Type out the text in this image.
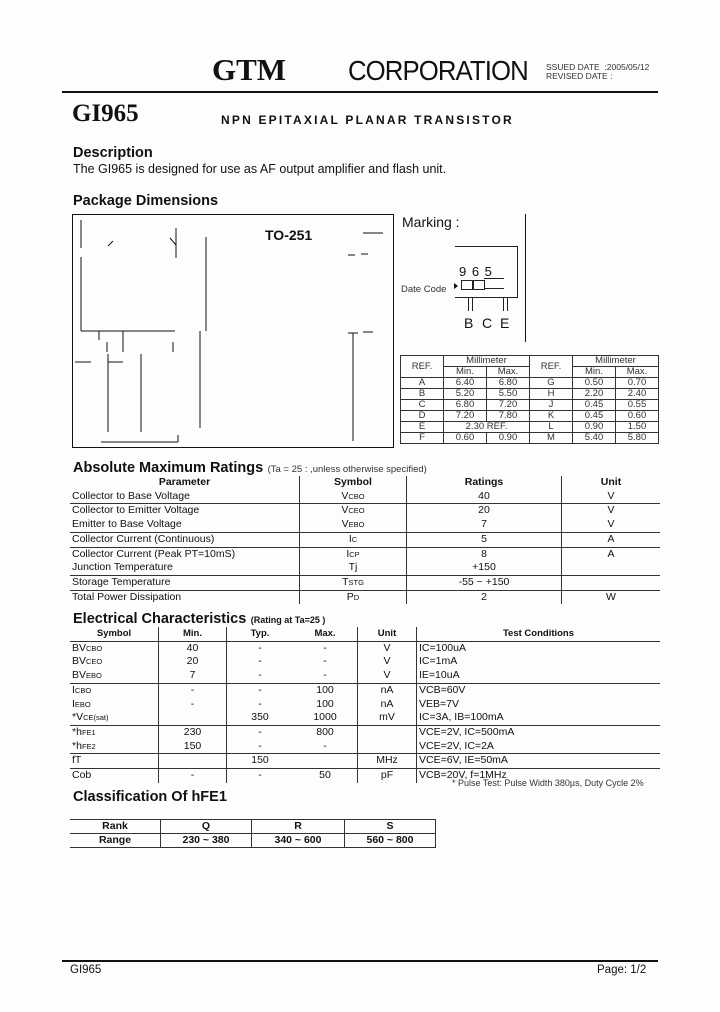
GTM CORPORATION SSUED DATE :2005/05/12
REVISED DATE :
GI965	NPN EPITAXIAL PLANAR TRANSISTOR
Description
The GI965 is designed for use as AF output amplifier and flash unit.
Package Dimensions
TO-251
Marking :
9 6 5
Date Code
B C E
REF.	Millimeter		REF.	Millimeter	
	Min.	Max.		Min.	Max.
A	6.40	6.80	G	0.50	0.70
B	5.20	5.50	H	2.20	2.40
C	6.80	7.20	J	0.45	0.55
D	7.20	7.80	K	0.45	0.60
E	2.30 REF.		L	0.90	1.50
F	0.60	0.90	M	5.40	5.80
Absolute Maximum Ratings (Ta = 25 : ,unless otherwise specified)
Parameter	Symbol	Ratings	Unit
Collector to Base Voltage	VCBO	40	V
Collector to Emitter Voltage	VCEO	20	V
Emitter to Base Voltage	VEBO	7	V
Collector Current (Continuous)	IC	5	A
Collector Current (Peak PT=10mS)	ICP	8	A
Junction Temperature	Tj	+150	
Storage Temperature	TSTG	-55 ~ +150	
Total Power Dissipation	PD	2	W
Electrical Characteristics (Rating at Ta=25 )
Symbol	Min.	Typ.	Max.	Unit	Test Conditions
BVCBO	40	-	-	V	IC=100uA
BVCEO	20	-	-	V	IC=1mA
BVEBO	7	-	-	V	IE=10uA
ICBO	-	-	100	nA	VCB=60V
IEBO	-	-	100	nA	VEB=7V
*VCE(sat)		350	1000	mV	IC=3A, IB=100mA
*hFE1	230	-	800		VCE=2V, IC=500mA
*hFE2	150	-	-		VCE=2V, IC=2A
fT		150		MHz	VCE=6V, IE=50mA
Cob	-	-	50	pF	VCB=20V, f=1MHz
* Pulse Test: Pulse Width 380µs, Duty Cycle 2%
Classification Of hFE1
Rank	Q	R	S
Range	230 ~ 380	340 ~ 600	560 ~ 800
GI965	Page: 1/2
